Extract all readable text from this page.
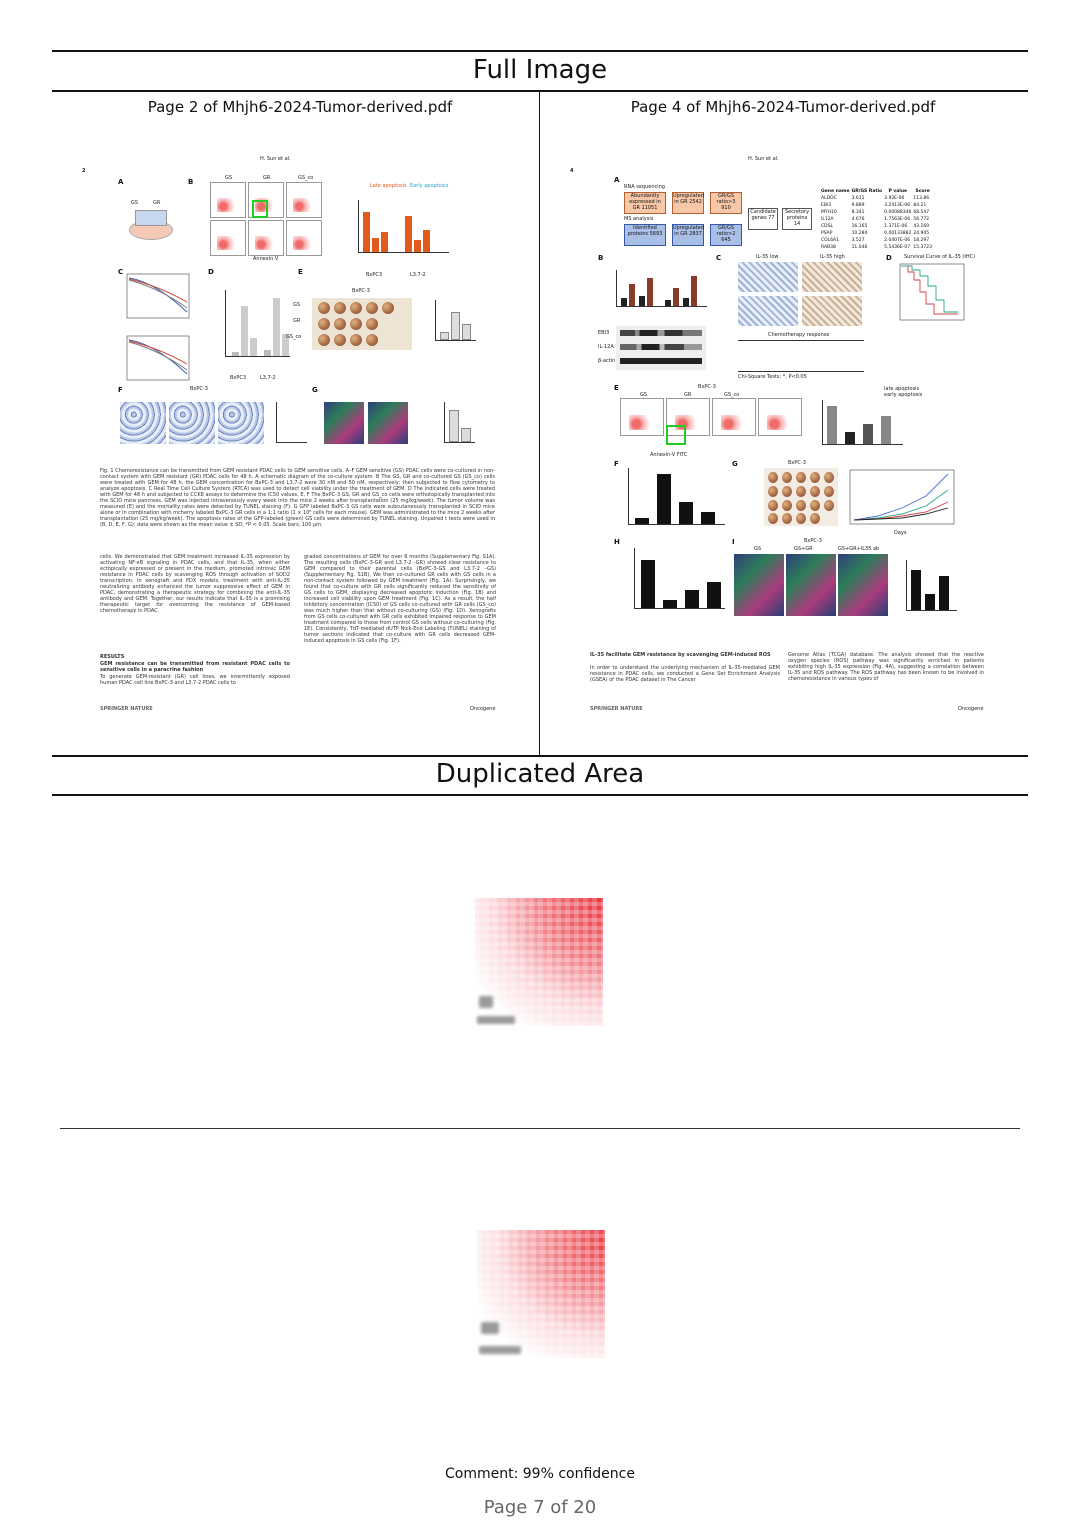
Full Image
Page 2 of Mhjh6-2024-Tumor-derived.pdf
H. Sun et al.
2
A
GS	GR
B	GS	GR	GS_co
Annexin V
Late apoptosis Early apoptosis
BxPC3	L3.7-2
C	D
BxPC3	L3.7-2
E
BxPC-3
GS
GR
GS_co
F	BxPC-3	G
Fig. 1 Chemoresistance can be transmitted from GEM resistant PDAC cells to GEM sensitive cells. A–F GEM sensitive (GS) PDAC cells were co-cultured in non-contact system with GEM resistant (GR) PDAC cells for 48 h. A schematic diagram of the co-culture system. B The GS, GR and co-cultured GS (GS_co) cells were treated with GEM for 48 h, the GEM concentration for BxPC-3 and L3.7-2 were 30 nM and 50 nM, respectively; then subjected to flow cytometry to analyze apoptosis. C Real Time Cell Culture System (RTCA) was used to detect cell viability under the treatment of GEM. D The indicated cells were treated with GEM for 48 h and subjected to CCK8 assays to determine the IC50 values. E, F The BxPC-3 GS, GR and GS_co cells were orthotopically transplanted into the SCID mice pancreas. GEM was injected intravenously every week into the mice 2 weeks after transplantation (25 mg/kg/week). The tumor volume was measured (E) and the mortality rates were detected by TUNEL staining (F). G GFP labeled BxPC-3 GS cells were subcutaneously transplanted in SCID mice alone or in combination with mcherry labeled BxPC-3 GR cells in a 1:1 ratio (1 × 10⁶ cells for each mouse). GEM was administrated to the mice 2 weeks after transplantation (25 mg/kg/week). The apoptosis rates of the GFP-labeled (green) GS cells were determined by TUNEL staining. Unpaired t tests were used in (B, D, E, F, G); data were shown as the mean value ± SD; *P < 0.05. Scale bars, 100 μm.
cells. We demonstrated that GEM treatment increased IL-35 expression by activating NF-κB signaling in PDAC cells, and that IL-35, when either ectopically expressed or present in the medium, promoted intrinsic GEM resistance in PDAC cells by scavenging ROS through activation of SOD2 transcription. In xenograft and PDX models, treatment with anti-IL-35 neutralizing antibody enhanced the tumor suppressive effect of GEM in PDAC, demonstrating a therapeutic strategy for combining the anti-IL-35 antibody and GEM. Together, our results indicate that IL-35 is a promising therapeutic target for overcoming the resistance of GEM-based chemotherapy in PDAC.
RESULTS
GEM resistance can be transmitted from resistant PDAC cells to sensitive cells in a paracrine fashion
To generate GEM-resistant (GR) cell lines, we intermittently exposed human PDAC cell line BxPC-3 and L3.7-2 PDAC cells to
graded concentrations of GEM for over 6 months (Supplementary Fig. S1A). The resulting cells (BxPC-3-GR and L3.7-2 -GR) showed clear resistance to GEM compared to their parental cells (BxPC-3-GS and L3.7-2 –GS) (Supplementary Fig. S1B). We then co-cultured GR cells with GS cells in a non-contact system followed by GEM treatment (Fig. 1A). Surprisingly, we found that co-culture with GR cells significantly reduced the sensitivity of GS cells to GEM, displaying decreased apoptotic induction (Fig. 1B) and increased cell viability upon GEM treatment (Fig. 1C). As a result, the half inhibitory concentration (IC50) of GS cells co-cultured with GR cells (GS_co) was much higher than that without co-culturing (GS) (Fig. 1D). Xenografts from GS cells co-cultured with GR cells exhibited impaired response to GEM treatment compared to those from control GS cells without co-culturing (Fig. 1E). Consistently, TdT-mediated dUTP Nick-End Labeling (TUNEL) staining of tumor sections indicated that co-culture with GR cells decreased GEM-induced apoptosis in GS cells (Fig. 1F).
SPRINGER NATURE	Oncogene
Page 4 of Mhjh6-2024-Tumor-derived.pdf
H. Sun et al.
4
A
RNA sequencing
Abundantly expressed in GR 11051
Upregulated in GR 2542
GR/GS ratio>3 910
MS analysis
Identified proteins 5693
Upregulated in GR 2837
GR/GS ratio>2 645
Candidate genes 77
Secretory proteins 14
Gene name	GR/GS Ratio	P value	Score
ALDOC	3.611	3.92E-06	113.86
EBI3	9.889	3.2413E-06	84.21
MYH10	8.341	0.00088346	68.547
IL12A	4.676	1.7563E-06	56.772
CDSL	16.165	1.371E-06	43.169
PSAP	10.284	0.00133882	24.945
COL6A1	3.527	2.0407E-06	18.297
RAB38	11.046	5.5436E-07	15.3723
B
EBI3
IL-12A
β-actin
C	IL-35 low	IL-35 high
Chemotherapy response
Chi-Square Tests: *, P<0.05
D Survival Curve of IL-35 (IHC)
E	BxPC-3
Annexin-V FITC
GS	GR	GS_co
late apoptosis
early apoptosis
F	G	BxPC-3
Days
H	I	BxPC-3
GS	GS+GR	GS+GR+IL35 ab
IL-35 facilitate GEM resistance by scavenging GEM-induced ROS
In order to understand the underlying mechanism of IL-35-mediated GEM resistance in PDAC cells, we conducted a Gene Set Enrichment Analysis (GSEA) of the PDAC dataset in The Cancer
Genome Atlas (TCGA) database. The analysis showed that the reactive oxygen species (ROS) pathway was significantly enriched in patients exhibiting high IL-35 expression (Fig. 4A), suggesting a correlation between IL-35 and ROS pathway. The ROS pathway has been known to be involved in chemoresistance in various types of
SPRINGER NATURE	Oncogene
Duplicated Area
Comment: 99% confidence
Page 7 of 20
